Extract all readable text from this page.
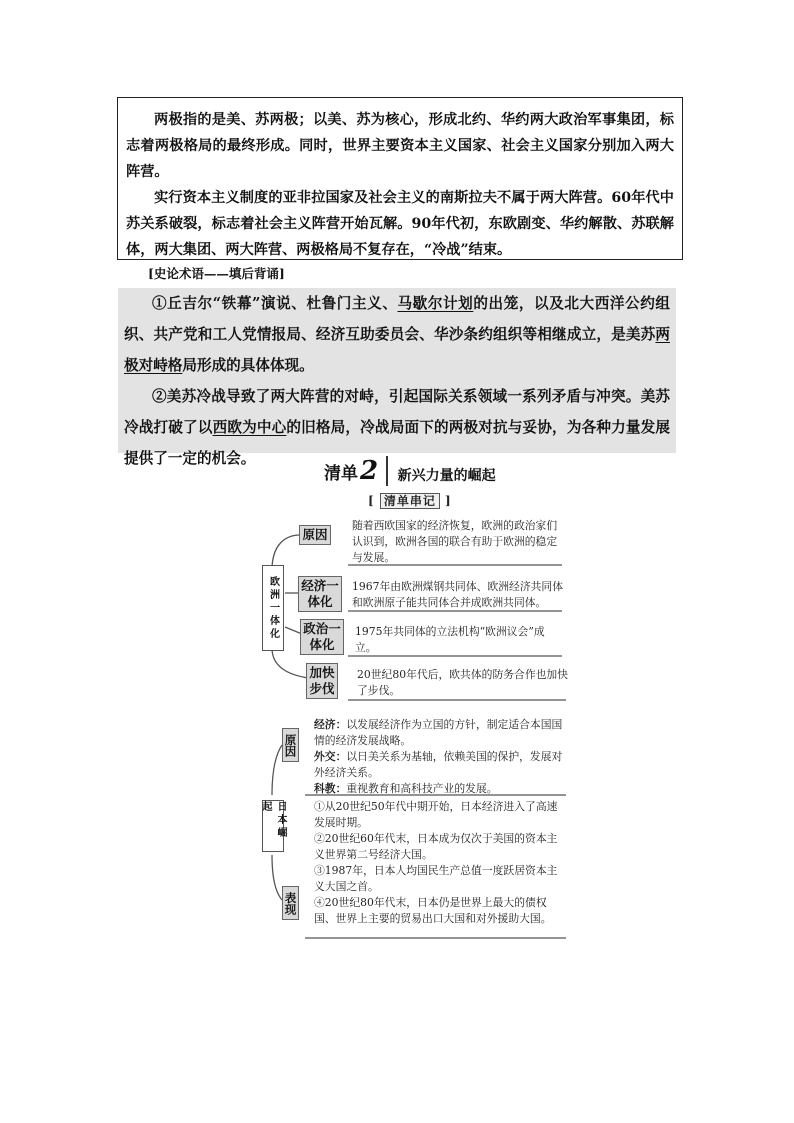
两极指的是美、苏两极；以美、苏为核心，形成北约、华约两大政治军事集团，标志着两极格局的最终形成。同时，世界主要资本主义国家、社会主义国家分别加入两大阵营。

实行资本主义制度的亚非拉国家及社会主义的南斯拉夫不属于两大阵营。60年代中苏关系破裂，标志着社会主义阵营开始瓦解。90年代初，东欧剧变、华约解散、苏联解体，两大集团、两大阵营、两极格局不复存在，“冷战”结束。

[史论术语——填后背诵]

①丘吉尔“铁幕”演说、杜鲁门主义、马歇尔计划的出笼，以及北大西洋公约组织、共产党和工人党情报局、经济互助委员会、华沙条约组织等相继成立，是美苏两极对峙格局形成的具体体现。

②美苏冷战导致了两大阵营的对峙，引起国际关系领域一系列矛盾与冲突。美苏冷战打破了以西欧为中心的旧格局，冷战局面下的两极对抗与妥协，为各种力量发展提供了一定的机会。

清单 2 新兴力量的崛起
[ 清单串记 ]
欧洲一体化
原因
随着西欧国家的经济恢复，欧洲的政治家们认识到，欧洲各国的联合有助于欧洲的稳定与发展。
经济一体化
1967年由欧洲煤钢共同体、欧洲经济共同体和欧洲原子能共同体合并成欧洲共同体。
政治一体化
1975年共同体的立法机构“欧洲议会”成立。
加快步伐
20世纪80年代后，欧共体的防务合作也加快了步伐。
日本崛起
原因
经济：以发展经济作为立国的方针，制定适合本国国情的经济发展战略。
外交：以日美关系为基轴，依赖美国的保护，发展对外经济关系。
科教：重视教育和高科技产业的发展。
表现
①从20世纪50年代中期开始，日本经济进入了高速发展时期。
②20世纪60年代末，日本成为仅次于美国的资本主义世界第二号经济大国。
③1987年，日本人均国民生产总值一度跃居资本主义大国之首。
④20世纪80年代末，日本仍是世界上最大的债权国、世界上主要的贸易出口大国和对外援助大国。
